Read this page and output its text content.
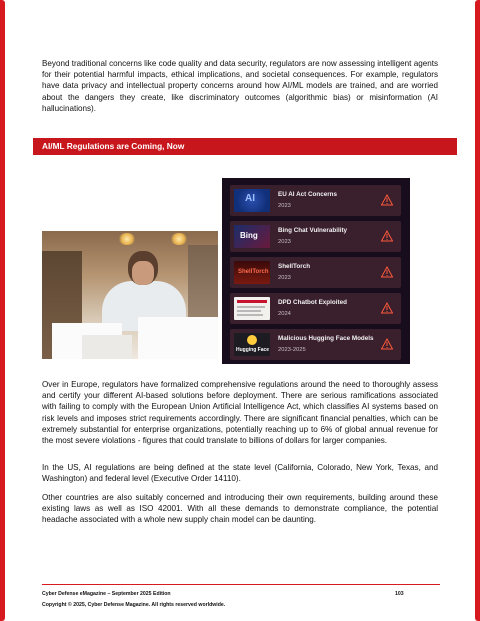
Beyond traditional concerns like code quality and data security, regulators are now assessing intelligent agents for their potential harmful impacts, ethical implications, and societal consequences. For example, regulators have data privacy and intellectual property concerns around how AI/ML models are trained, and are worried about the dangers they create, like discriminatory outcomes (algorithmic bias) or misinformation (AI hallucinations).

AI/ML Regulations are Coming, Now
AI	EU AI Act Concerns
2023
Bing
Bing Chat Vulnerability
2023
ShellTorch
ShellTorch
2023
DPD Chatbot Exploited
2024
Hugging Face
Malicious Hugging Face Models
2023-2025

Over in Europe, regulators have formalized comprehensive regulations around the need to thoroughly assess and certify your different AI-based solutions before deployment. There are serious ramifications associated with failing to comply with the European Union Artificial Intelligence Act, which classifies AI systems based on risk levels and imposes strict requirements accordingly. There are significant financial penalties, which can be extremely substantial for enterprise organizations, potentially reaching up to 6% of global annual revenue for the most severe violations - figures that could translate to billions of dollars for larger companies.

In the US, AI regulations are being defined at the state level (California, Colorado, New York, Texas, and Washington) and federal level (Executive Order 14110).

Other countries are also suitably concerned and introducing their own requirements, building around these existing laws as well as ISO 42001. With all these demands to demonstrate compliance, the potential headache associated with a whole new supply chain model can be daunting.

Cyber Defense eMagazine – September 2025 Edition	103
Copyright © 2025, Cyber Defense Magazine. All rights reserved worldwide.
